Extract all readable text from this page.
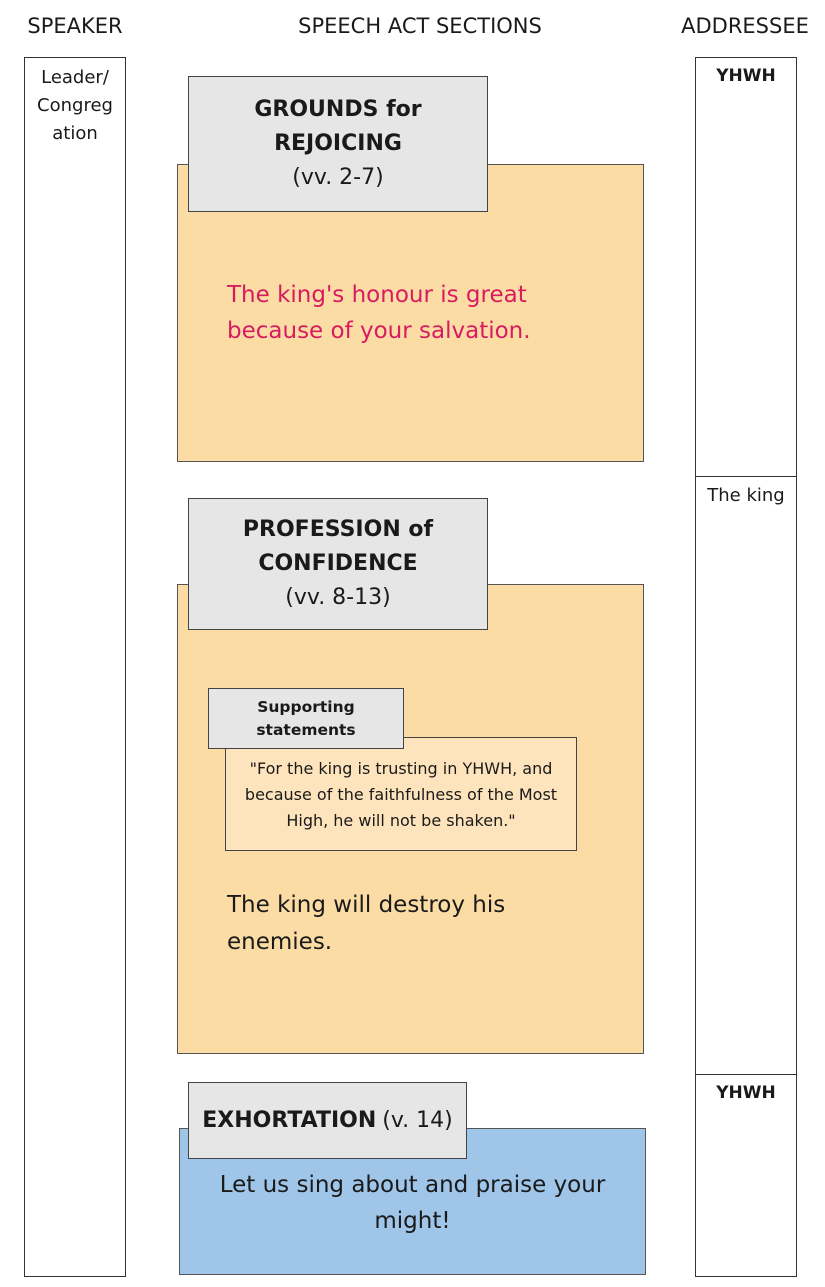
SPEAKER	SPEECH ACT SECTIONS	ADDRESSEE
Leader/ Congreg ation
YHWH
The king
YHWH
The king's honour is great because of your salvation.
GROUNDS for
REJOICING
(vv. 2-7)
The king will destroy his enemies.
PROFESSION of
CONFIDENCE
(vv. 8-13)
"For the king is trusting in YHWH, and because of the faithfulness of the Most High, he will not be shaken."
Supporting statements
Let us sing about and praise your might!
EXHORTATION (v. 14)
